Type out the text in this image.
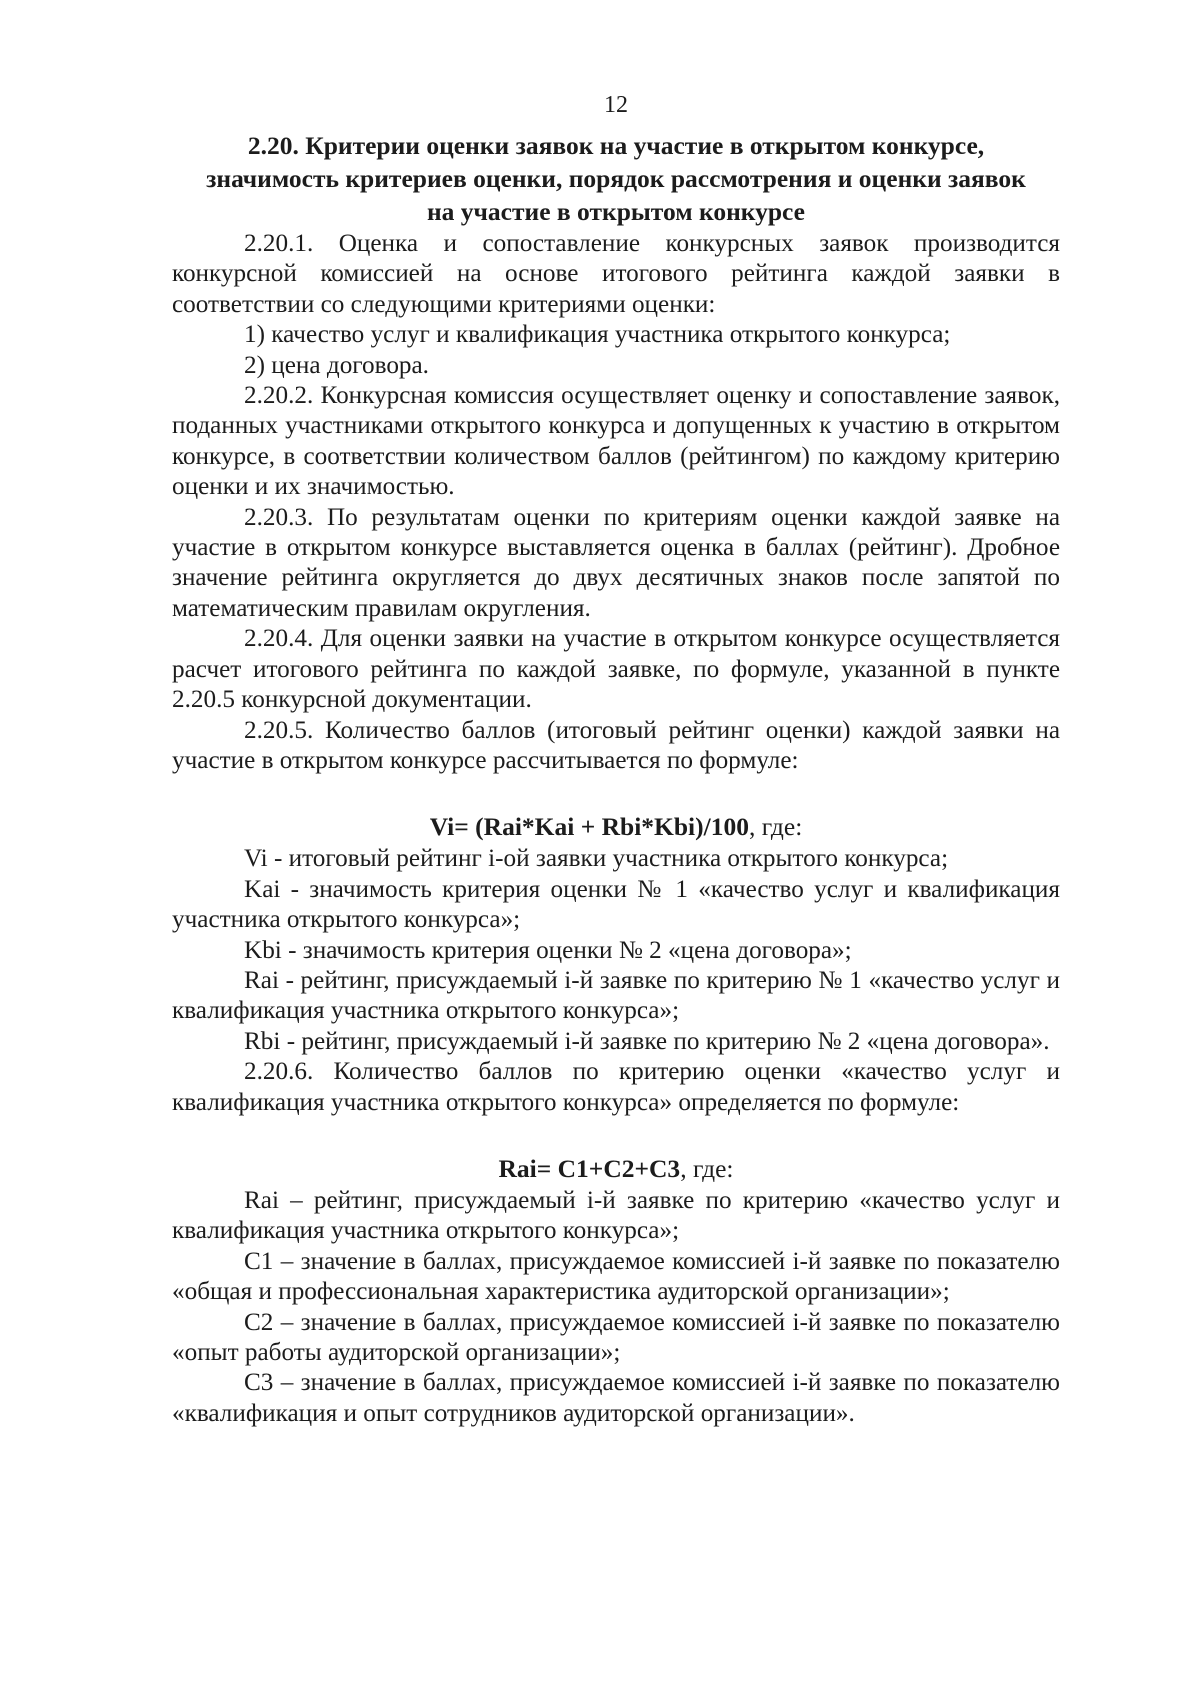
12
2.20. Критерии оценки заявок на участие в открытом конкурсе,
значимость критериев оценки, порядок рассмотрения и оценки заявок
на участие в открытом конкурсе

2.20.1. Оценка и сопоставление конкурсных заявок производится конкурсной комиссией на основе итогового рейтинга каждой заявки в соответствии со следующими критериями оценки:

1) качество услуг и квалификация участника открытого конкурса;

2) цена договора.

2.20.2. Конкурсная комиссия осуществляет оценку и сопоставление заявок, поданных участниками открытого конкурса и допущенных к участию в открытом конкурсе, в соответствии количеством баллов (рейтингом) по каждому критерию оценки и их значимостью.

2.20.3. По результатам оценки по критериям оценки каждой заявке на участие в открытом конкурсе выставляется оценка в баллах (рейтинг). Дробное значение рейтинга округляется до двух десятичных знаков после запятой по математическим правилам округления.

2.20.4. Для оценки заявки на участие в открытом конкурсе осуществляется расчет итогового рейтинга по каждой заявке, по формуле, указанной в пункте 2.20.5 конкурсной документации.

2.20.5. Количество баллов (итоговый рейтинг оценки) каждой заявки на участие в открытом конкурсе рассчитывается по формуле:

Vi= (Rai*Kai + Rbi*Kbi)/100, где:

Vi - итоговый рейтинг i-ой заявки участника открытого конкурса;

Kai - значимость критерия оценки № 1 «качество услуг и квалификация участника открытого конкурса»;

Kbi - значимость критерия оценки № 2 «цена договора»;

Rai - рейтинг, присуждаемый i-й заявке по критерию № 1 «качество услуг и квалификация участника открытого конкурса»;

Rbi - рейтинг, присуждаемый i-й заявке по критерию № 2 «цена договора».

2.20.6. Количество баллов по критерию оценки «качество услуг и квалификация участника открытого конкурса» определяется по формуле:

Rai= C1+C2+C3, где:

Rai – рейтинг, присуждаемый i-й заявке по критерию «качество услуг и квалификация участника открытого конкурса»;

C1 – значение в баллах, присуждаемое комиссией i-й заявке по показателю «общая и профессиональная характеристика аудиторской организации»;

C2 – значение в баллах, присуждаемое комиссией i-й заявке по показателю «опыт работы аудиторской организации»;

C3 – значение в баллах, присуждаемое комиссией i-й заявке по показателю «квалификация и опыт сотрудников аудиторской организации».
